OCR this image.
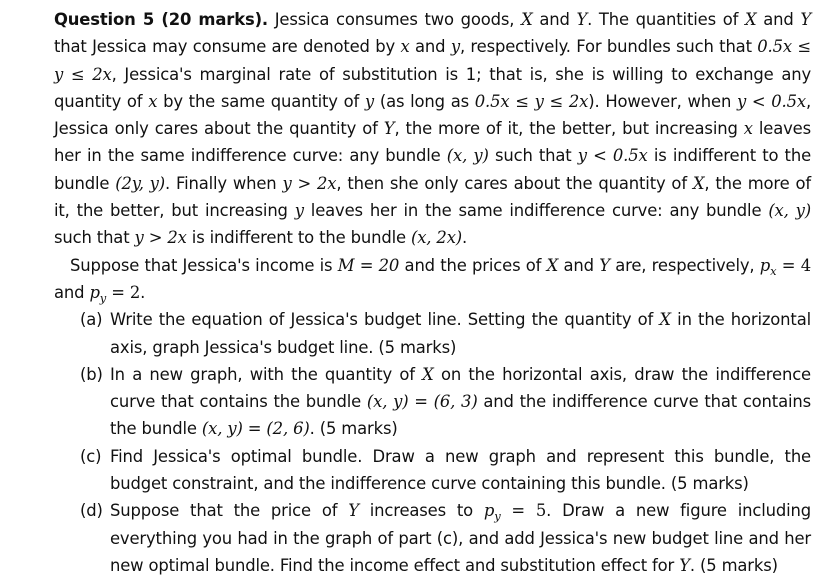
Question 5 (20 marks). Jessica consumes two goods, X and Y. The quantities of X and Y that Jessica may consume are denoted by x and y, respectively. For bundles such that 0.5x ≤ y ≤ 2x, Jessica's marginal rate of substitution is 1; that is, she is willing to exchange any quantity of x by the same quantity of y (as long as 0.5x ≤ y ≤ 2x). However, when y < 0.5x, Jessica only cares about the quantity of Y, the more of it, the better, but increasing x leaves her in the same indifference curve: any bundle (x, y) such that y < 0.5x is indifferent to the bundle (2y, y). Finally when y > 2x, then she only cares about the quantity of X, the more of it, the better, but increasing y leaves her in the same indifference curve: any bundle (x, y) such that y > 2x is indifferent to the bundle (x, 2x).

Suppose that Jessica's income is M = 20 and the prices of X and Y are, respectively, $p_x = 4$ and $p_y = 2$.

(a) Write the equation of Jessica's budget line. Setting the quantity of X in the horizontal axis, graph Jessica's budget line. (5 marks)
(b) In a new graph, with the quantity of X on the horizontal axis, draw the indifference curve that contains the bundle (x, y) = (6, 3) and the indifference curve that contains the bundle (x, y) = (2, 6). (5 marks)
(c) Find Jessica's optimal bundle. Draw a new graph and represent this bundle, the budget constraint, and the indifference curve containing this bundle. (5 marks)
(d) Suppose that the price of Y increases to $p_y = 5$. Draw a new figure including everything you had in the graph of part (c), and add Jessica's new budget line and her new optimal bundle. Find the income effect and substitution effect for Y. (5 marks)
